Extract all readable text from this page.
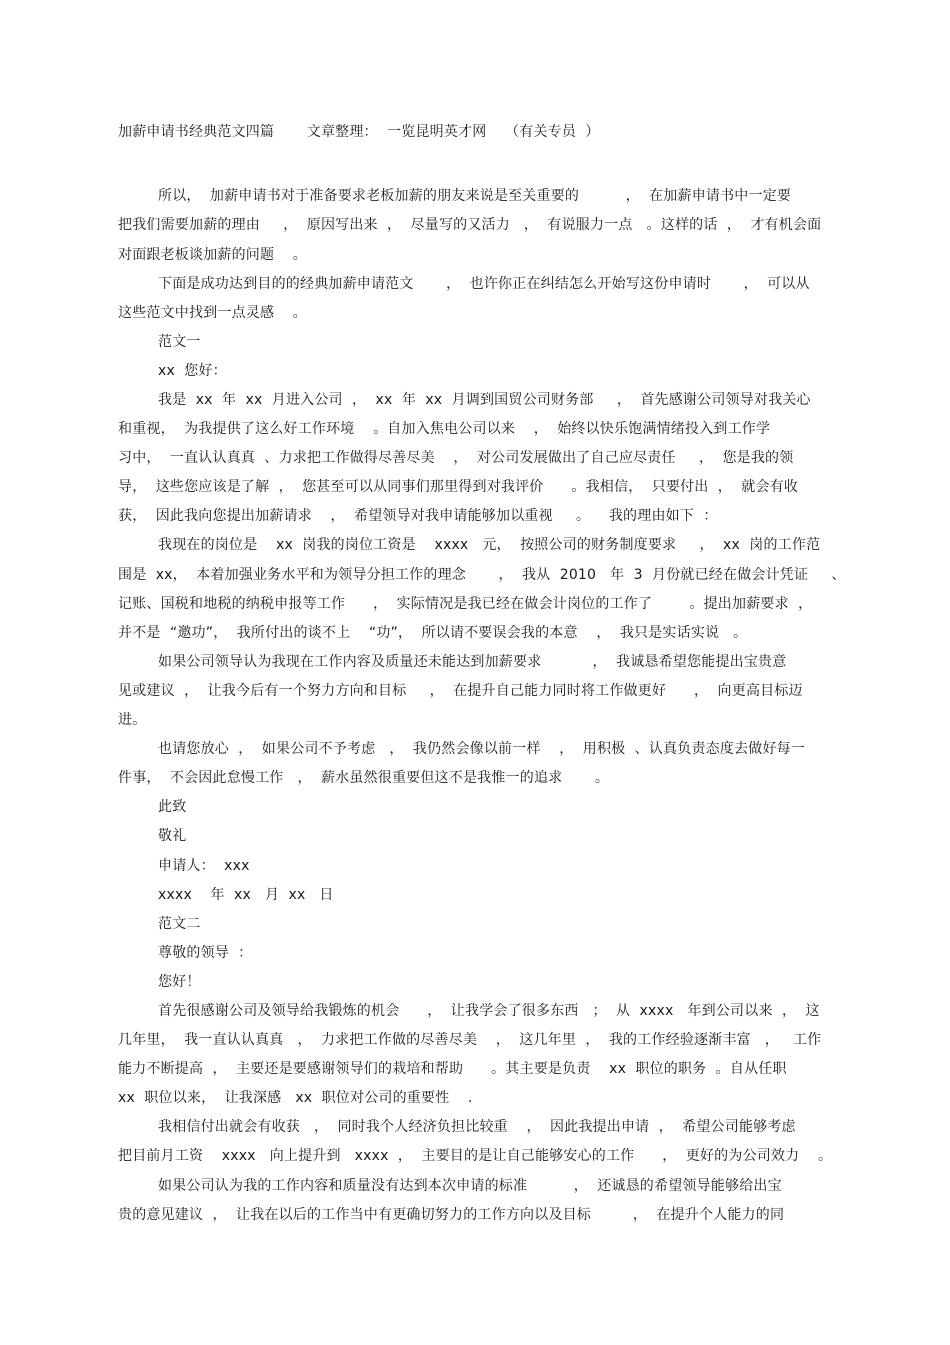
加薪申请书经典范文四篇       文章整理：  一览昆明英才网    （有关专员  ）
所以，  加薪申请书对于准备要求老板加薪的朋友来说是至关重要的          ，  在加薪申请书中一定要
把我们需要加薪的理由     ，  原因写出来  ，  尽量写的又活力   ，  有说服力一点   。这样的话  ，  才有机会面
对面跟老板谈加薪的问题    。
下面是成功达到目的的经典加薪申请范文       ，  也许你正在纠结怎么开始写这份申请时       ，  可以从
这些范文中找到一点灵感    。
范文一
xx  您好：
我是  xx  年  xx  月进入公司  ，  xx  年  xx  月调到国贸公司财务部     ，  首先感谢公司领导对我关心
和重视，  为我提供了这么好工作环境    。自加入焦电公司以来    ，  始终以快乐饱满情绪投入到工作学
习中，  一直认认真真  、力求把工作做得尽善尽美    ，  对公司发展做出了自己应尽责任     ，  您是我的领
导，  这些您应该是了解  ，  您甚至可以从同事们那里得到对我评价      。我相信，  只要付出  ，  就会有收
获，  因此我向您提出加薪请求    ，  希望领导对我申请能够加以重视     。    我的理由如下  ：
我现在的岗位是    xx  岗我的岗位工资是    xxxx   元，  按照公司的财务制度要求     ，  xx  岗的工作范
围是  xx，  本着加强业务水平和为领导分担工作的理念       ，  我从  2010   年  3  月份就已经在做会计凭证     、
记账、国税和地税的纳税申报等工作      ，  实际情况是我已经在做会计岗位的工作了        。提出加薪要求  ，
并不是  “邀功”，  我所付出的谈不上    “功”，  所以请不要误会我的本意    ，  我只是实话实说   。
如果公司领导认为我现在工作内容及质量还未能达到加薪要求           ，  我诚恳希望您能提出宝贵意
见或建议  ，  让我今后有一个努力方向和目标     ，  在提升自己能力同时将工作做更好      ，  向更高目标迈
进。
也请您放心  ，  如果公司不予考虑   ，  我仍然会像以前一样    ，  用积极  、认真负责态度去做好每一
件事，  不会因此怠慢工作   ，  薪水虽然很重要但这不是我惟一的追求       。
此致
敬礼
申请人：  xxx
xxxx    年  xx   月  xx   日
范文二
尊敬的领导  ：
您好！
首先很感谢公司及领导给我锻炼的机会      ，  让我学会了很多东西   ；  从  xxxx   年到公司以来  ，  这
几年里，  我一直认认真真   ，  力求把工作做的尽善尽美    ，  这几年里  ，  我的工作经验逐渐丰富   ，   工作
能力不断提高  ，  主要还是要感谢领导们的栽培和帮助      。其主要是负责    xx  职位的职务  。自从任职
xx  职位以来，  让我深感   xx  职位对公司的重要性    .
我相信付出就会有收获   ，  同时我个人经济负担比较重    ，  因此我提出申请  ，  希望公司能够考虑
把目前月工资    xxxx   向上提升到   xxxx  ，  主要目的是让自己能够安心的工作      ，  更好的为公司效力    。
如果公司认为我的工作内容和质量没有达到本次申请的标准          ，  还诚恳的希望领导能够给出宝
贵的意见建议  ，  让我在以后的工作当中有更确切努力的工作方向以及目标         ，  在提升个人能力的同
